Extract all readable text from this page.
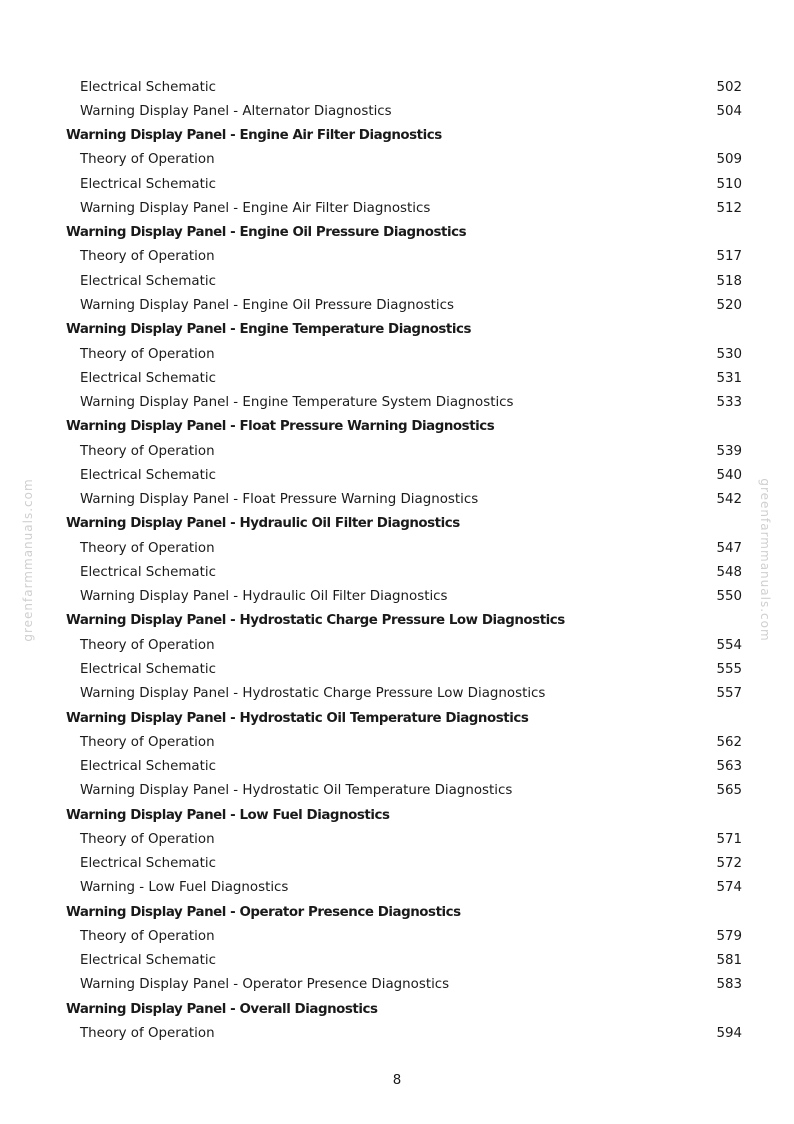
Electrical Schematic	502
Warning Display Panel - Alternator Diagnostics	504
Warning Display Panel - Engine Air Filter Diagnostics
Theory of Operation	509
Electrical Schematic	510
Warning Display Panel - Engine Air Filter Diagnostics	512
Warning Display Panel - Engine Oil Pressure Diagnostics
Theory of Operation	517
Electrical Schematic	518
Warning Display Panel - Engine Oil Pressure Diagnostics	520
Warning Display Panel - Engine Temperature Diagnostics
Theory of Operation	530
Electrical Schematic	531
Warning Display Panel - Engine Temperature System Diagnostics	533
Warning Display Panel - Float Pressure Warning Diagnostics
Theory of Operation	539
Electrical Schematic	540
Warning Display Panel - Float Pressure Warning Diagnostics	542
Warning Display Panel - Hydraulic Oil Filter Diagnostics
Theory of Operation	547
Electrical Schematic	548
Warning Display Panel - Hydraulic Oil Filter Diagnostics	550
Warning Display Panel - Hydrostatic Charge Pressure Low Diagnostics
Theory of Operation	554
Electrical Schematic	555
Warning Display Panel - Hydrostatic Charge Pressure Low Diagnostics	557
Warning Display Panel - Hydrostatic Oil Temperature Diagnostics
Theory of Operation	562
Electrical Schematic	563
Warning Display Panel - Hydrostatic Oil Temperature Diagnostics	565
Warning Display Panel - Low Fuel Diagnostics
Theory of Operation	571
Electrical Schematic	572
Warning - Low Fuel Diagnostics	574
Warning Display Panel - Operator Presence Diagnostics
Theory of Operation	579
Electrical Schematic	581
Warning Display Panel - Operator Presence Diagnostics	583
Warning Display Panel - Overall Diagnostics
Theory of Operation	594
8
greenfarmmanuals.com	greenfarmmanuals.com
